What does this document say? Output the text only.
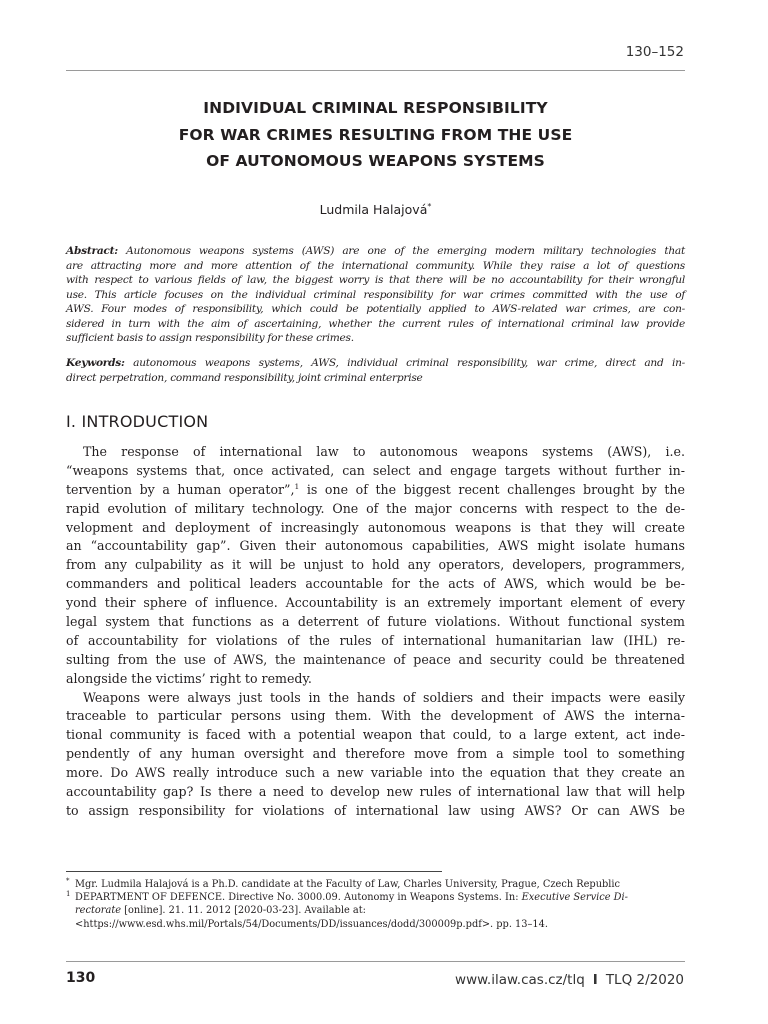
130–152
INDIVIDUAL CRIMINAL RESPONSIBILITY
FOR WAR CRIMES RESULTING FROM THE USE
OF AUTONOMOUS WEAPONS SYSTEMS
Ludmila Halajová*
Abstract: Autonomous weapons systems (AWS) are one of the emerging modern military technologies that
are attracting more and more attention of the international community. While they raise a lot of questions
with respect to various fields of law, the biggest worry is that there will be no accountability for their wrongful
use. This article focuses on the individual criminal responsibility for war crimes committed with the use of
AWS. Four modes of responsibility, which could be potentially applied to AWS-related war crimes, are con-
sidered in turn with the aim of ascertaining, whether the current rules of international criminal law provide
sufficient basis to assign responsibility for these crimes.
Keywords: autonomous weapons systems, AWS, individual criminal responsibility, war crime, direct and in-
direct perpetration, command responsibility, joint criminal enterprise
I. INTRODUCTION
The response of international law to autonomous weapons systems (AWS), i.e.
“weapons systems that, once activated, can select and engage targets without further in-
tervention by a human operator”,$^1$ is one of the biggest recent challenges brought by the
rapid evolution of military technology. One of the major concerns with respect to the de-
velopment and deployment of increasingly autonomous weapons is that they will create
an “accountability gap”. Given their autonomous capabilities, AWS might isolate humans
from any culpability as it will be unjust to hold any operators, developers, programmers,
commanders and political leaders accountable for the acts of AWS, which would be be-
yond their sphere of influence. Accountability is an extremely important element of every
legal system that functions as a deterrent of future violations. Without functional system
of accountability for violations of the rules of international humanitarian law (IHL) re-
sulting from the use of AWS, the maintenance of peace and security could be threatened
alongside the victims’ right to remedy.
Weapons were always just tools in the hands of soldiers and their impacts were easily
traceable to particular persons using them. With the development of AWS the interna-
tional community is faced with a potential weapon that could, to a large extent, act inde-
pendently of any human oversight and therefore move from a simple tool to something
more. Do AWS really introduce such a new variable into the equation that they create an
accountability gap? Is there a need to develop new rules of international law that will help
to assign responsibility for violations of international law using AWS? Or can AWS be
* Mgr. Ludmila Halajová is a Ph.D. candidate at the Faculty of Law, Charles University, Prague, Czech Republic
1 DEPARTMENT OF DEFENCE. Directive No. 3000.09. Autonomy in Weapons Systems. In: Executive Service Di-
rectorate [online]. 21. 11. 2012 [2020-03-23]. Available at:
<https://www.esd.whs.mil/Portals/54/Documents/DD/issuances/dodd/300009p.pdf>. pp. 13–14.
130	www.ilaw.cas.cz/tlq I TLQ 2/2020
